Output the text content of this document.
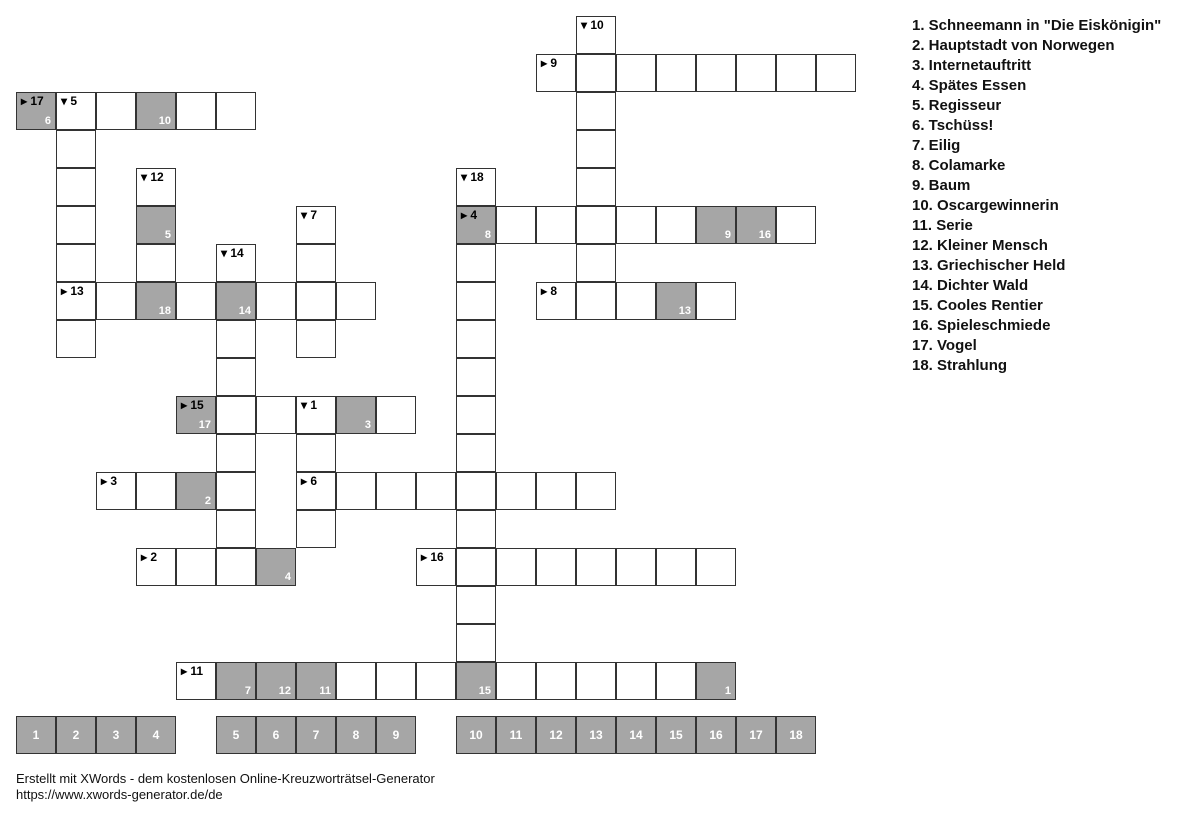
▾ 10
▸ 9
▸ 17
6
▾ 5
10
▾ 12	▾ 18
5
▾ 7	▸ 4
8	9	16
▾ 14
▸ 13
18	14
▸ 8
13
▸ 15
17
▾ 1
3
▸ 3
2
▸ 6
▸ 2
4
▸ 16
▸ 11
7	12	11	15	1
1	2	3	4	5	6	7	8	9	10	11	12	13	14	15	16	17	18
1. Schneemann in "Die Eiskönigin"
2. Hauptstadt von Norwegen
3. Internetauftritt
4. Spätes Essen
5. Regisseur
6. Tschüss!
7. Eilig
8. Colamarke
9. Baum
10. Oscargewinnerin
11. Serie
12. Kleiner Mensch
13. Griechischer Held
14. Dichter Wald
15. Cooles Rentier
16. Spieleschmiede
17. Vogel
18. Strahlung
Erstellt mit XWords - dem kostenlosen Online-Kreuzworträtsel-Generator
https://www.xwords-generator.de/de
